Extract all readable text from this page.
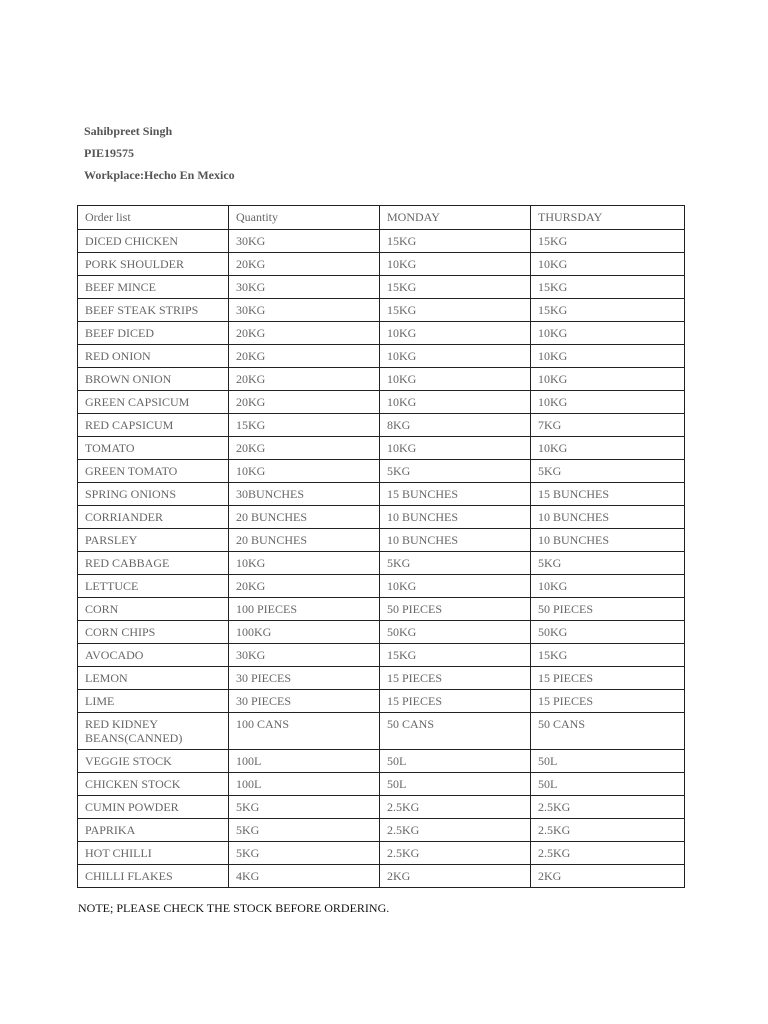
Sahibpreet Singh
PIE19575
Workplace:Hecho En Mexico
Order list	Quantity	MONDAY	THURSDAY
DICED CHICKEN	30KG	15KG	15KG
PORK SHOULDER	20KG	10KG	10KG
BEEF MINCE	30KG	15KG	15KG
BEEF STEAK STRIPS	30KG	15KG	15KG
BEEF DICED	20KG	10KG	10KG
RED ONION	20KG	10KG	10KG
BROWN ONION	20KG	10KG	10KG
GREEN CAPSICUM	20KG	10KG	10KG
RED CAPSICUM	15KG	8KG	7KG
TOMATO	20KG	10KG	10KG
GREEN TOMATO	10KG	5KG	5KG
SPRING ONIONS	30BUNCHES	15 BUNCHES	15 BUNCHES
CORRIANDER	20 BUNCHES	10 BUNCHES	10 BUNCHES
PARSLEY	20 BUNCHES	10 BUNCHES	10 BUNCHES
RED CABBAGE	10KG	5KG	5KG
LETTUCE	20KG	10KG	10KG
CORN	100 PIECES	50 PIECES	50 PIECES
CORN CHIPS	100KG	50KG	50KG
AVOCADO	30KG	15KG	15KG
LEMON	30 PIECES	15 PIECES	15 PIECES
LIME	30 PIECES	15 PIECES	15 PIECES
RED KIDNEY BEANS(CANNED)	100 CANS	50 CANS	50 CANS
VEGGIE STOCK	100L	50L	50L
CHICKEN STOCK	100L	50L	50L
CUMIN POWDER	5KG	2.5KG	2.5KG
PAPRIKA	5KG	2.5KG	2.5KG
HOT CHILLI	5KG	2.5KG	2.5KG
CHILLI FLAKES	4KG	2KG	2KG
NOTE; PLEASE CHECK THE STOCK BEFORE ORDERING.
